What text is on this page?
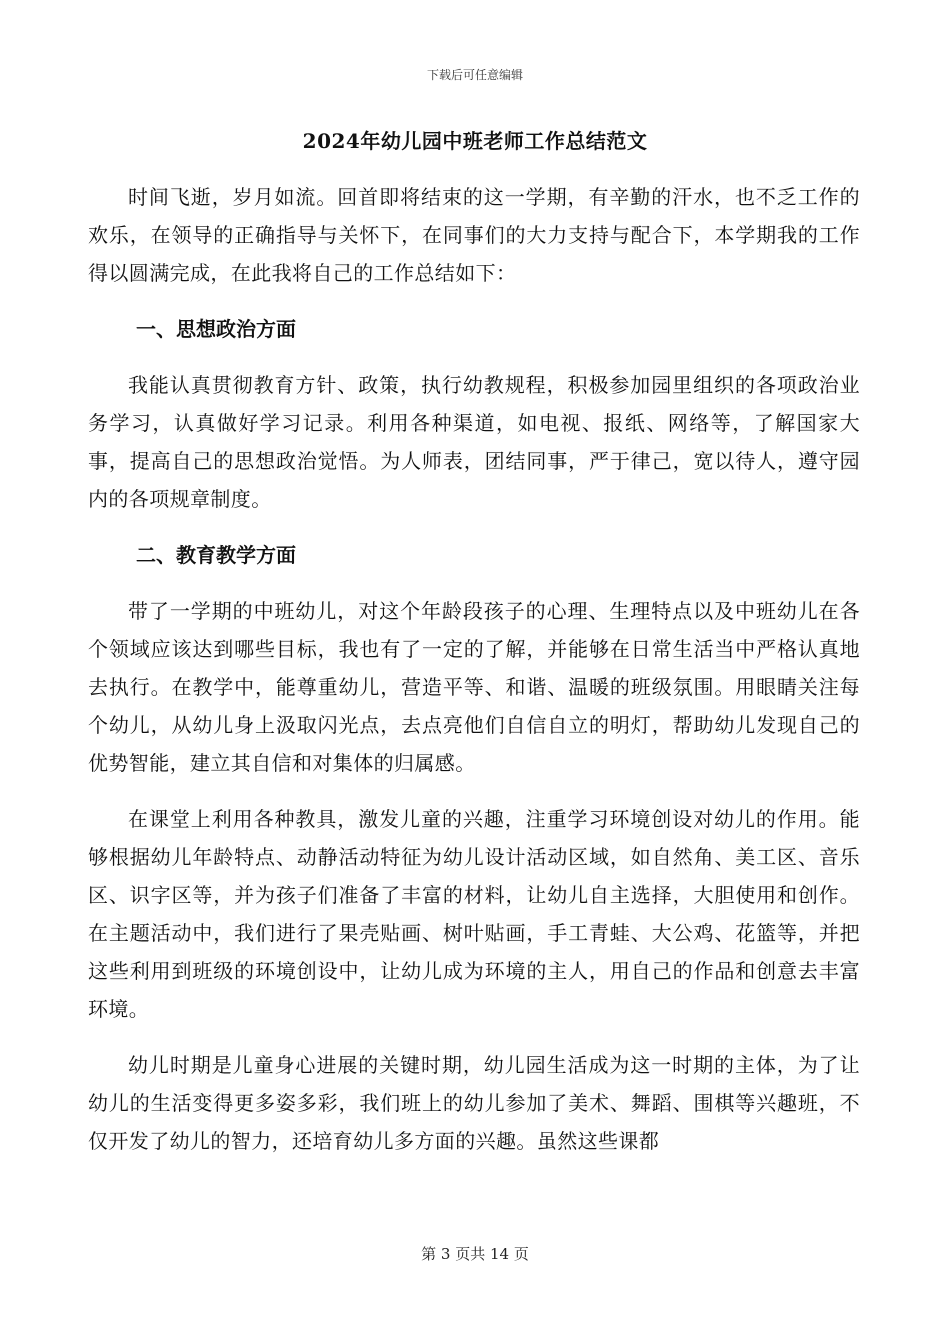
下载后可任意编辑
2024年幼儿园中班老师工作总结范文

时间飞逝，岁月如流。回首即将结束的这一学期，有辛勤的汗水，也不乏工作的欢乐，在领导的正确指导与关怀下，在同事们的大力支持与配合下，本学期我的工作得以圆满完成，在此我将自己的工作总结如下：

一、思想政治方面

我能认真贯彻教育方针、政策，执行幼教规程，积极参加园里组织的各项政治业务学习，认真做好学习记录。利用各种渠道，如电视、报纸、网络等，了解国家大事，提高自己的思想政治觉悟。为人师表，团结同事，严于律己，宽以待人，遵守园内的各项规章制度。

二、教育教学方面

带了一学期的中班幼儿，对这个年龄段孩子的心理、生理特点以及中班幼儿在各个领域应该达到哪些目标，我也有了一定的了解，并能够在日常生活当中严格认真地去执行。在教学中，能尊重幼儿，营造平等、和谐、温暖的班级氛围。用眼睛关注每个幼儿，从幼儿身上汲取闪光点，去点亮他们自信自立的明灯，帮助幼儿发现自己的优势智能，建立其自信和对集体的归属感。

在课堂上利用各种教具，激发儿童的兴趣，注重学习环境创设对幼儿的作用。能够根据幼儿年龄特点、动静活动特征为幼儿设计活动区域，如自然角、美工区、音乐区、识字区等，并为孩子们准备了丰富的材料，让幼儿自主选择，大胆使用和创作。在主题活动中，我们进行了果壳贴画、树叶贴画，手工青蛙、大公鸡、花篮等，并把这些利用到班级的环境创设中，让幼儿成为环境的主人，用自己的作品和创意去丰富环境。

幼儿时期是儿童身心进展的关键时期，幼儿园生活成为这一时期的主体，为了让幼儿的生活变得更多姿多彩，我们班上的幼儿参加了美术、舞蹈、围棋等兴趣班，不仅开发了幼儿的智力，还培育幼儿多方面的兴趣。虽然这些课都

第 3 页共 14 页
